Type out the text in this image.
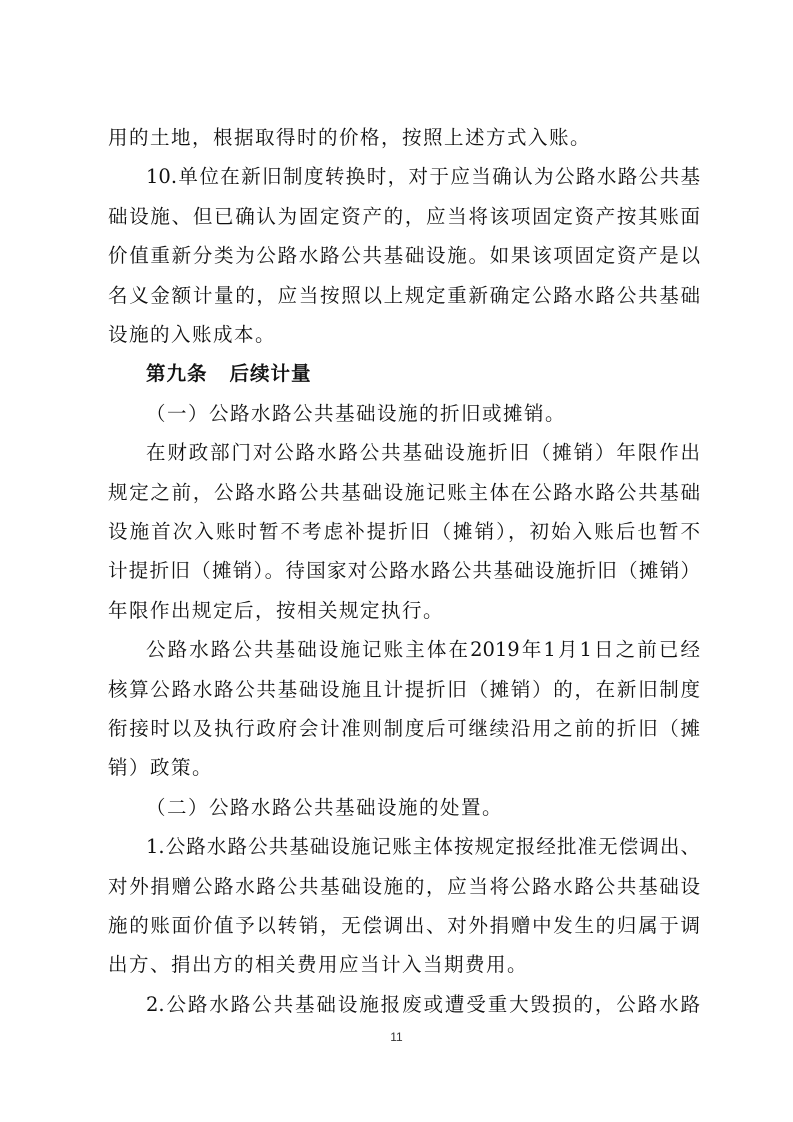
用的土地，根据取得时的价格，按照上述方式入账。
10.单位在新旧制度转换时，对于应当确认为公路水路公共基
础设施、但已确认为固定资产的，应当将该项固定资产按其账面
价值重新分类为公路水路公共基础设施。如果该项固定资产是以
名义金额计量的，应当按照以上规定重新确定公路水路公共基础
设施的入账成本。
第九条 后续计量
（一）公路水路公共基础设施的折旧或摊销。
在财政部门对公路水路公共基础设施折旧（摊销）年限作出
规定之前，公路水路公共基础设施记账主体在公路水路公共基础
设施首次入账时暂不考虑补提折旧（摊销），初始入账后也暂不
计提折旧（摊销）。待国家对公路水路公共基础设施折旧（摊销）
年限作出规定后，按相关规定执行。
公路水路公共基础设施记账主体在2019年1月1日之前已经
核算公路水路公共基础设施且计提折旧（摊销）的，在新旧制度
衔接时以及执行政府会计准则制度后可继续沿用之前的折旧（摊
销）政策。
（二）公路水路公共基础设施的处置。
1.公路水路公共基础设施记账主体按规定报经批准无偿调出、
对外捐赠公路水路公共基础设施的，应当将公路水路公共基础设
施的账面价值予以转销，无偿调出、对外捐赠中发生的归属于调
出方、捐出方的相关费用应当计入当期费用。
2.公路水路公共基础设施报废或遭受重大毁损的，公路水路
11
